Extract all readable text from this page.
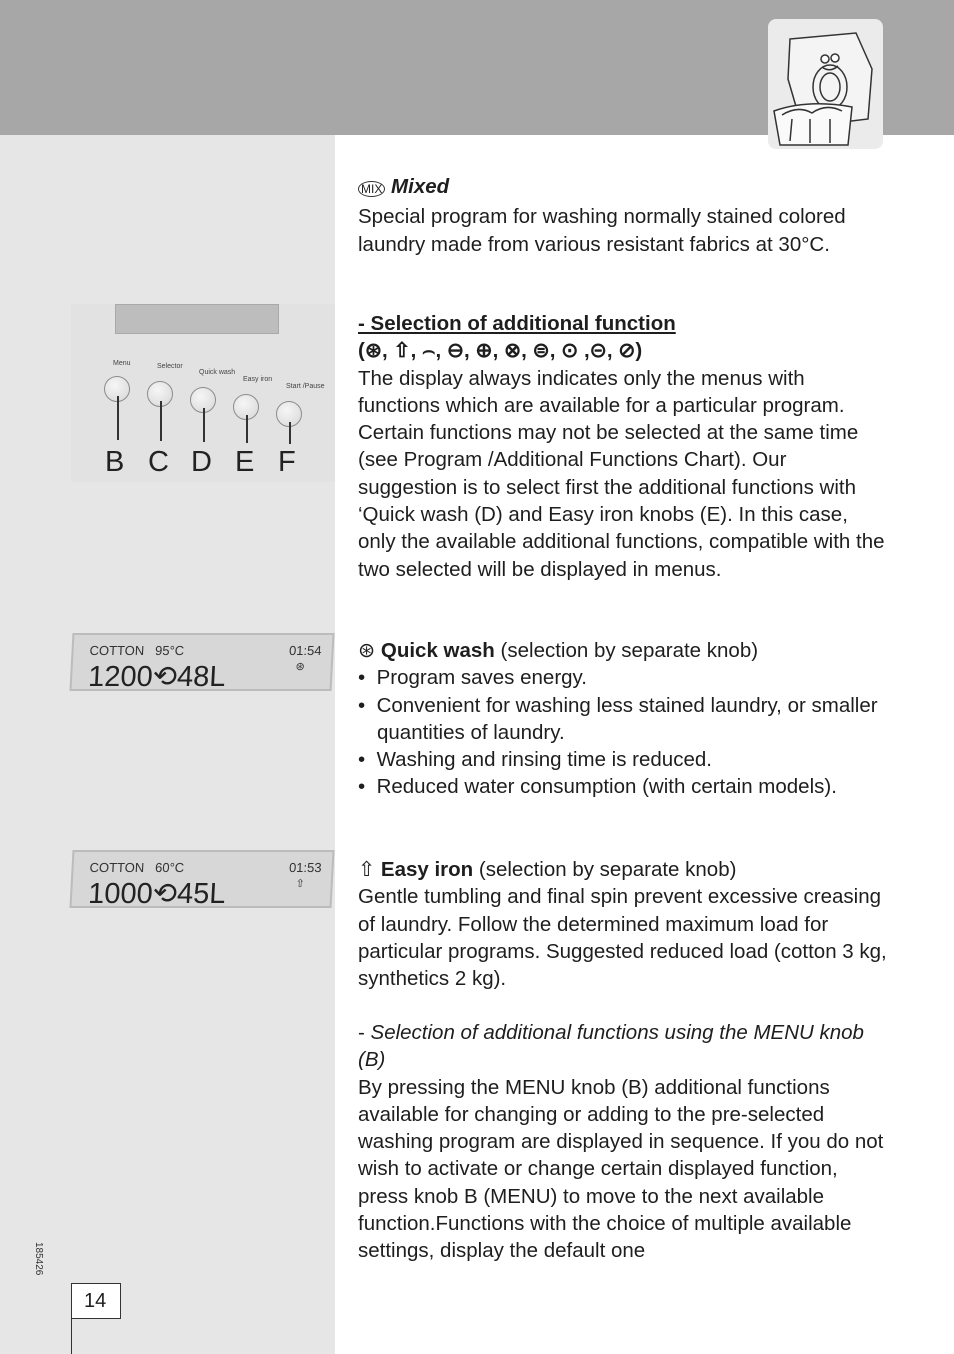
Menu	Selector
Quick wash
Easy iron
Start /Pause
B C D E F
COTTON 95°C	01:54
1200⟲48L	⊛
COTTON 60°C	01:53
1000⟲45L	⇧

MIX Mixed

Special program for washing normally stained colored laundry made from various resistant fabrics at 30°C.

- Selection of additional function

(⊛, ⇧, ⌢, ⊖, ⊕, ⊗, ⊜, ⊙ ,⊝, ⊘)

The display always indicates only the menus with functions which are available for a particular program. Certain functions may not be selected at the same time (see Program /Additional Functions Chart). Our suggestion is to select first the additional functions with ‘Quick wash (D) and Easy iron knobs (E). In this case, only the available additional functions, compatible with the two selected will be displayed in menus.

⊛ Quick wash (selection by separate knob)

•  Program saves energy.

•  Convenient for washing less stained laundry, or smaller quantities of laundry.

•  Washing and rinsing time is reduced.

•  Reduced water consumption (with certain models).

⇧ Easy iron (selection by separate knob)

Gentle tumbling and final spin prevent excessive creasing of laundry. Follow the determined maximum load for particular programs. Suggested reduced load (cotton 3 kg, synthetics 2 kg).

- Selection of additional functions using the MENU knob (B)

By pressing the MENU knob (B) additional functions available for changing or adding to the pre-selected washing program are displayed in sequence. If you do not wish to activate or change certain displayed function, press knob B (MENU) to move to the next available function.Functions with the choice of multiple available settings, display the default one

185426
14
